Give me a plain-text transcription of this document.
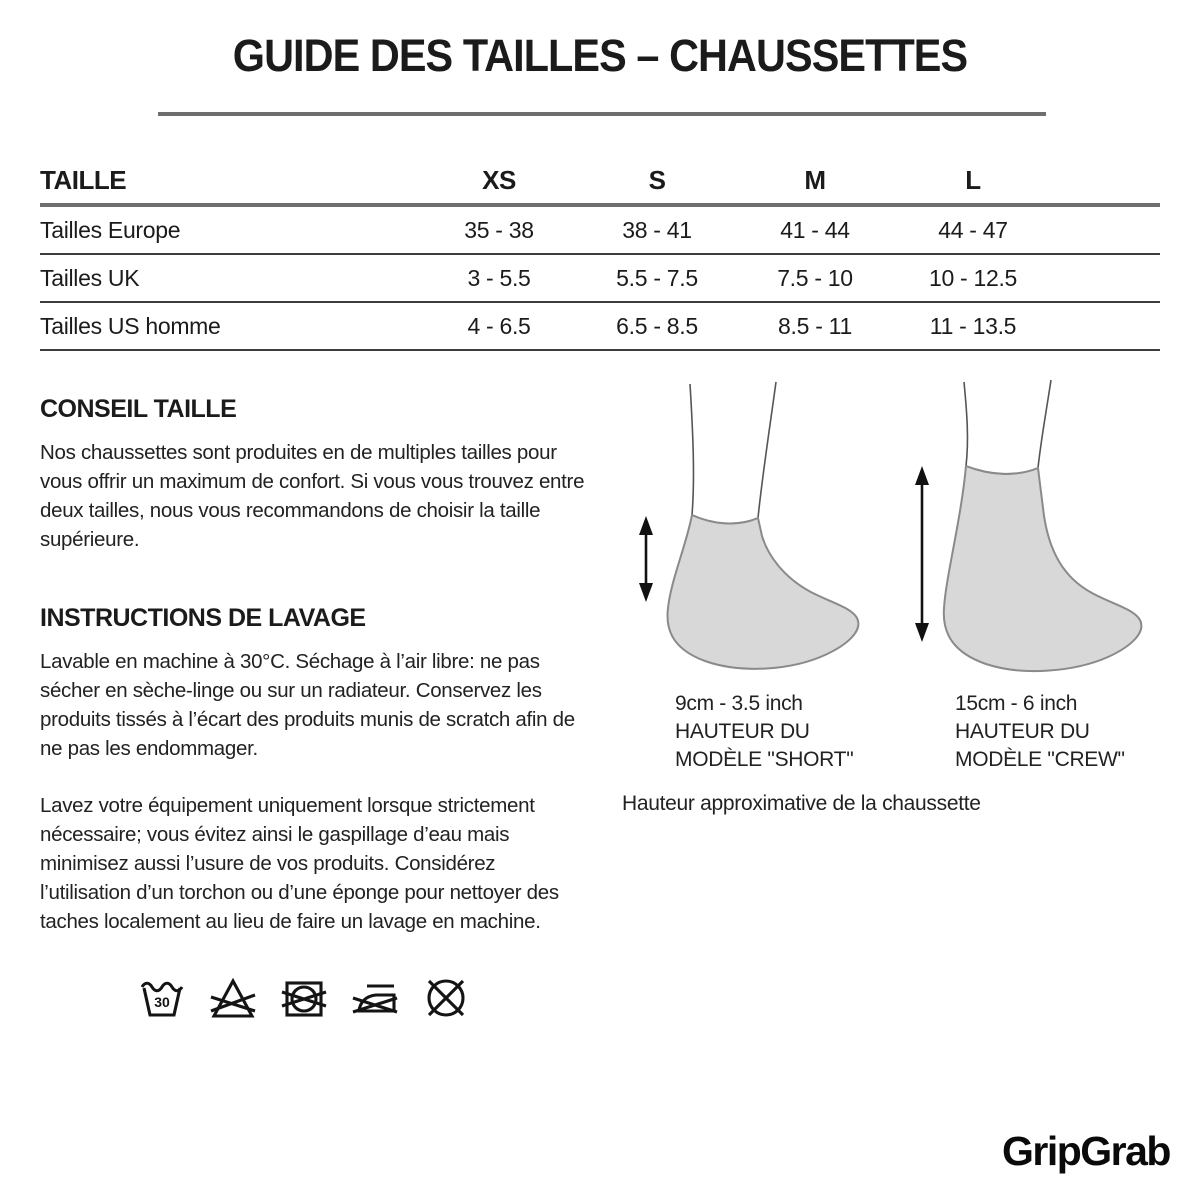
GUIDE DES TAILLES – CHAUSSETTES
TAILLE	XS	S	M	L
Tailles Europe	35 - 38	38 - 41	41 - 44	44 - 47
Tailles UK	3 - 5.5	5.5 - 7.5	7.5 - 10	10 - 12.5
Tailles US homme	4 - 6.5	6.5 - 8.5	8.5 - 11	11 - 13.5
CONSEIL TAILLE

Nos chaussettes sont produites en de multiples tailles pour vous offrir un maximum de confort. Si vous vous trouvez entre deux tailles, nous vous recommandons de choisir la taille supérieure.

INSTRUCTIONS DE LAVAGE

Lavable en machine à 30°C. Séchage à l’air libre: ne pas sécher en sèche-linge ou sur un radiateur. Conservez les produits tissés à l’écart des produits munis de scratch afin de ne pas les endommager.

Lavez votre équipement uniquement lorsque strictement nécessaire; vous évitez ainsi le gaspillage d’eau mais minimisez aussi l’usure de vos produits. Considérez l’utilisation d’un torchon ou d’une éponge pour nettoyer des taches localement au lieu de faire un lavage en machine.

30
9cm - 3.5 inch
HAUTEUR DU
MODÈLE "SHORT"
15cm - 6 inch
HAUTEUR DU
MODÈLE "CREW"
Hauteur approximative de la chaussette
GripGrab
